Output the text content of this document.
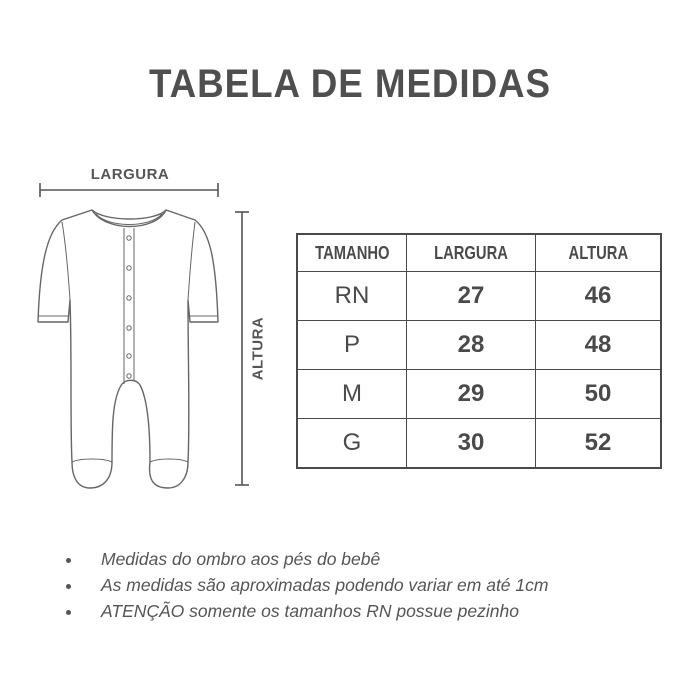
TABELA DE MEDIDAS
LARGURA
ALTURA
TAMANHO	LARGURA	ALTURA
RN	27	46
P	28	48
M	29	50
G	30	52
• Medidas do ombro aos pés do bebê
• As medidas são aproximadas podendo variar em até 1cm
• ATENÇÃO somente os tamanhos RN possue pezinho
